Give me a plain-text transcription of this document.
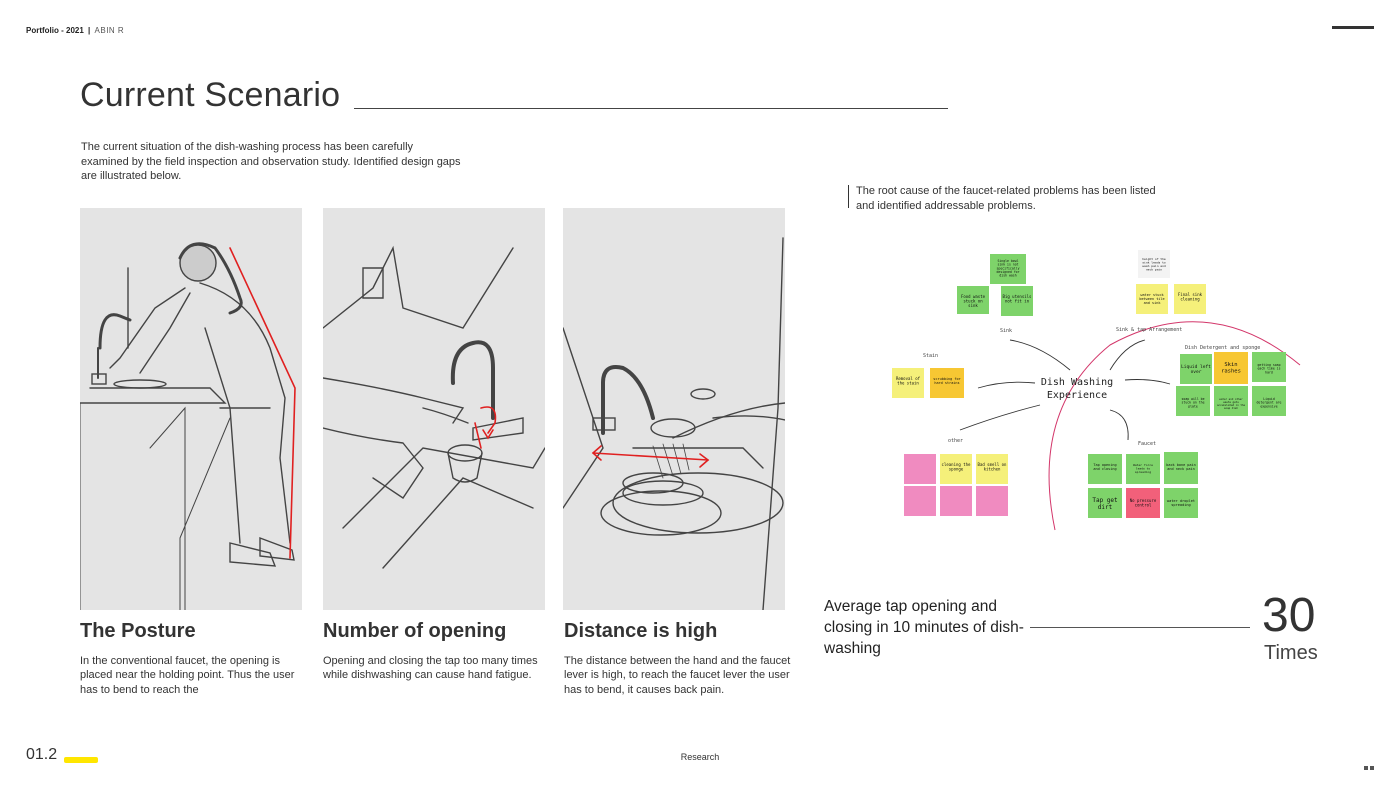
Portfolio - 2021 | ABIN R
Current Scenario
The current situation of the dish-washing process has been carefully examined by the field inspection and observation study. Identified design gaps are illustrated below.
The Posture
In the conventional faucet, the opening is placed near the holding point. Thus the user has to bend to reach the
Number of opening
Opening and closing the tap too many times while dishwashing can cause hand fatigue.
Distance is high
The distance between the hand and the faucet lever is high, to reach the faucet lever the user has to bend, it causes back pain.
The root cause of the faucet-related problems has been listed and identified addressable problems.
Dish Washing
Experience
Sink	Sink & tap Arrangement
Dish Detergent and sponge
Stain
other	Faucet
Single bowl sink is not specifically designed for dish wash
Food waste stuck on sink
Big utensils not fit in
height of the sink leads to wash pain and neck pain
water stuck between tile and sink
Final sink cleaning
Liquid left over
Skin rashes
getting soap each time is hard
soap will be stuck on the plate
water and other waste gets accumulated in the soap dish
Liquid detergent are expensive
Removal of the stain
scrubbing for hard strains
cleaning the sponge
Bad smell on kitchen
Tap opening and closing
Water force leads to spreading
back bone pain and neck pain
Tap get dirt
No pressure control
water droplet spreading
Average tap opening and closing in 10 minutes of dish-washing
30
Times
01.2	Research
